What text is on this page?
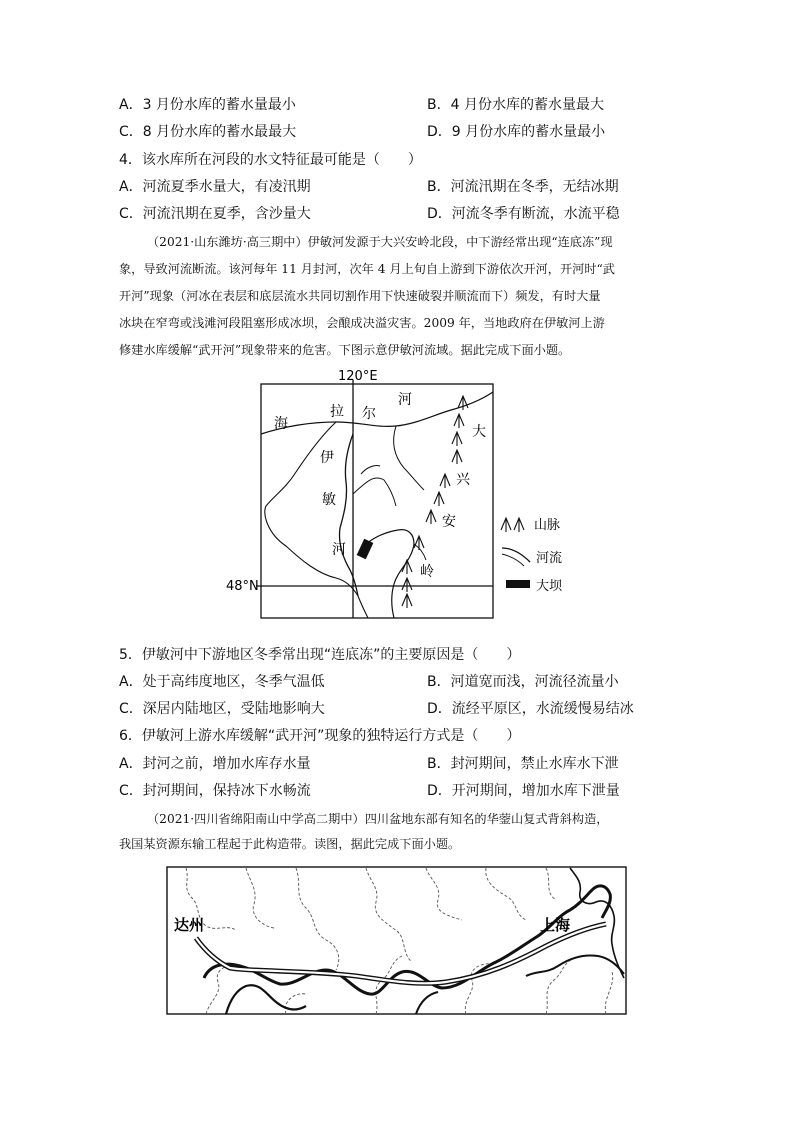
A．3 月份水库的蓄水量最小	B．4 月份水库的蓄水量最大
C．8 月份水库的蓄水最最大	D．9 月份水库的蓄水量最小
4．该水库所在河段的水文特征最可能是（　　）
A．河流夏季水量大，有凌汛期	B．河流汛期在冬季，无结冰期
C．河流汛期在夏季，含沙量大	D．河流冬季有断流，水流平稳
（2021·山东潍坊·高三期中）伊敏河发源于大兴安岭北段，中下游经常出现“连底冻”现
象，导致河流断流。该河每年 11 月封河，次年 4 月上旬自上游到下游依次开河，开河时“武
开河”现象（河冰在表层和底层流水共同切割作用下快速破裂并顺流而下）频发，有时大量
冰块在窄弯或浅滩河段阻塞形成冰坝，会酿成决溢灾害。2009 年，当地政府在伊敏河上游
修建水库缓解“武开河”现象带来的危害。下图示意伊敏河流域。据此完成下面小题。
120°E
48°N
海
拉 尔
河
伊
敏
河
大
兴
安
岭
山脉
河流
大坝
5．伊敏河中下游地区冬季常出现“连底冻”的主要原因是（　　）
A．处于高纬度地区，冬季气温低	B．河道宽而浅，河流径流量小
C．深居内陆地区，受陆地影响大	D．流经平原区，水流缓慢易结冰
6．伊敏河上游水库缓解“武开河”现象的独特运行方式是（　　）
A．封河之前，增加水库存水量	B．封河期间，禁止水库水下泄
C．封河期间，保持冰下水畅流	D．开河期间，增加水库下泄量
（2021·四川省绵阳南山中学高二期中）四川盆地东部有知名的华蓥山复式背斜构造，
我国某资源东输工程起于此构造带。读图，据此完成下面小题。
达州	上海
